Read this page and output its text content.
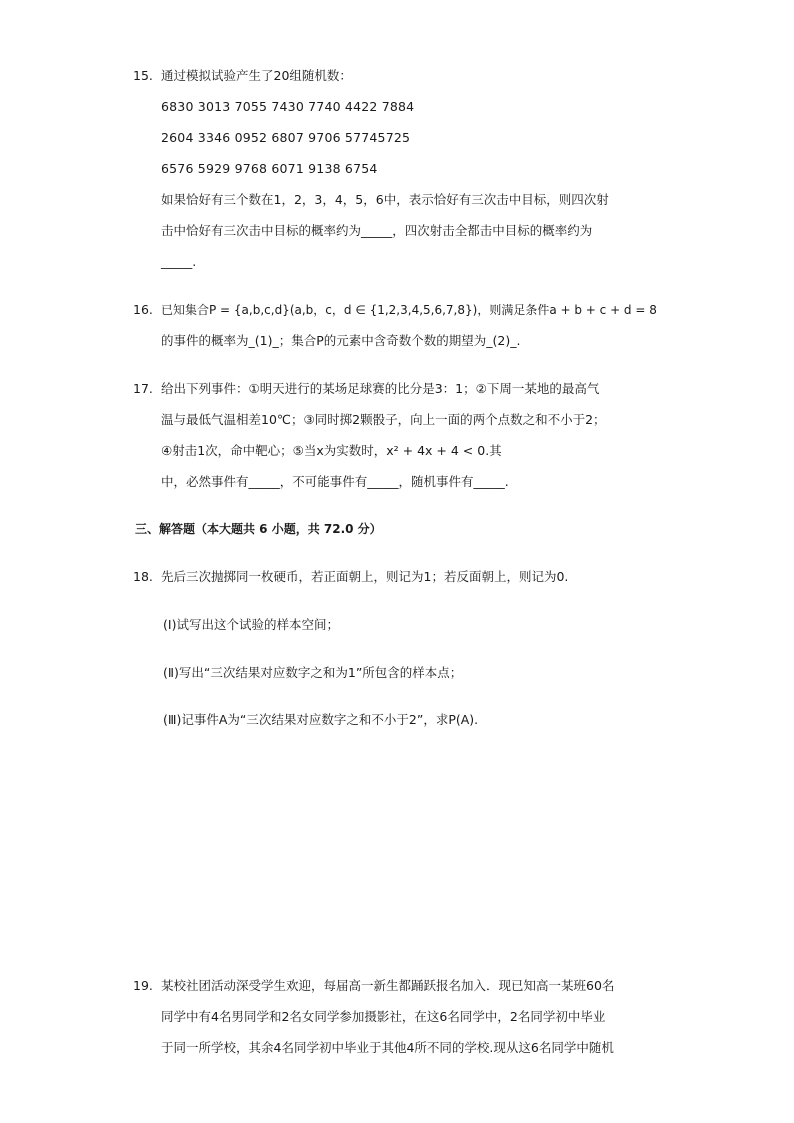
15. 通过模拟试验产生了20组随机数：
6830 3013 7055 7430 7740 4422 7884
2604 3346 0952 6807 9706 57745725
6576 5929 9768 6071 9138 6754
如果恰好有三个数在1，2，3，4，5，6中，表示恰好有三次击中目标，则四次射
击中恰好有三次击中目标的概率约为_____，四次射击全都击中目标的概率约为
_____.
16. 已知集合P = {a,b,c,d}(a,b，c，d ∈ {1,2,3,4,5,6,7,8})，则满足条件a + b + c + d = 8
的事件的概率为_(1)_；集合P的元素中含奇数个数的期望为_(2)_.
17. 给出下列事件：①明天进行的某场足球赛的比分是3：1；②下周一某地的最高气
温与最低气温相差10℃；③同时掷2颗骰子，向上一面的两个点数之和不小于2；
④射击1次，命中靶心；⑤当x为实数时，x² + 4x + 4 < 0.其
中，必然事件有_____，不可能事件有_____，随机事件有_____.
三、解答题（本大题共 6 小题，共 72.0 分）
18. 先后三次抛掷同一枚硬币，若正面朝上，则记为1；若反面朝上，则记为0.
(Ⅰ)试写出这个试验的样本空间；
(Ⅱ)写出“三次结果对应数字之和为1”所包含的样本点；
(Ⅲ)记事件A为“三次结果对应数字之和不小于2”，求P(A).
19. 某校社团活动深受学生欢迎，每届高一新生都踊跃报名加入．现已知高一某班60名
同学中有4名男同学和2名女同学参加摄影社，在这6名同学中，2名同学初中毕业
于同一所学校，其余4名同学初中毕业于其他4所不同的学校.现从这6名同学中随机
